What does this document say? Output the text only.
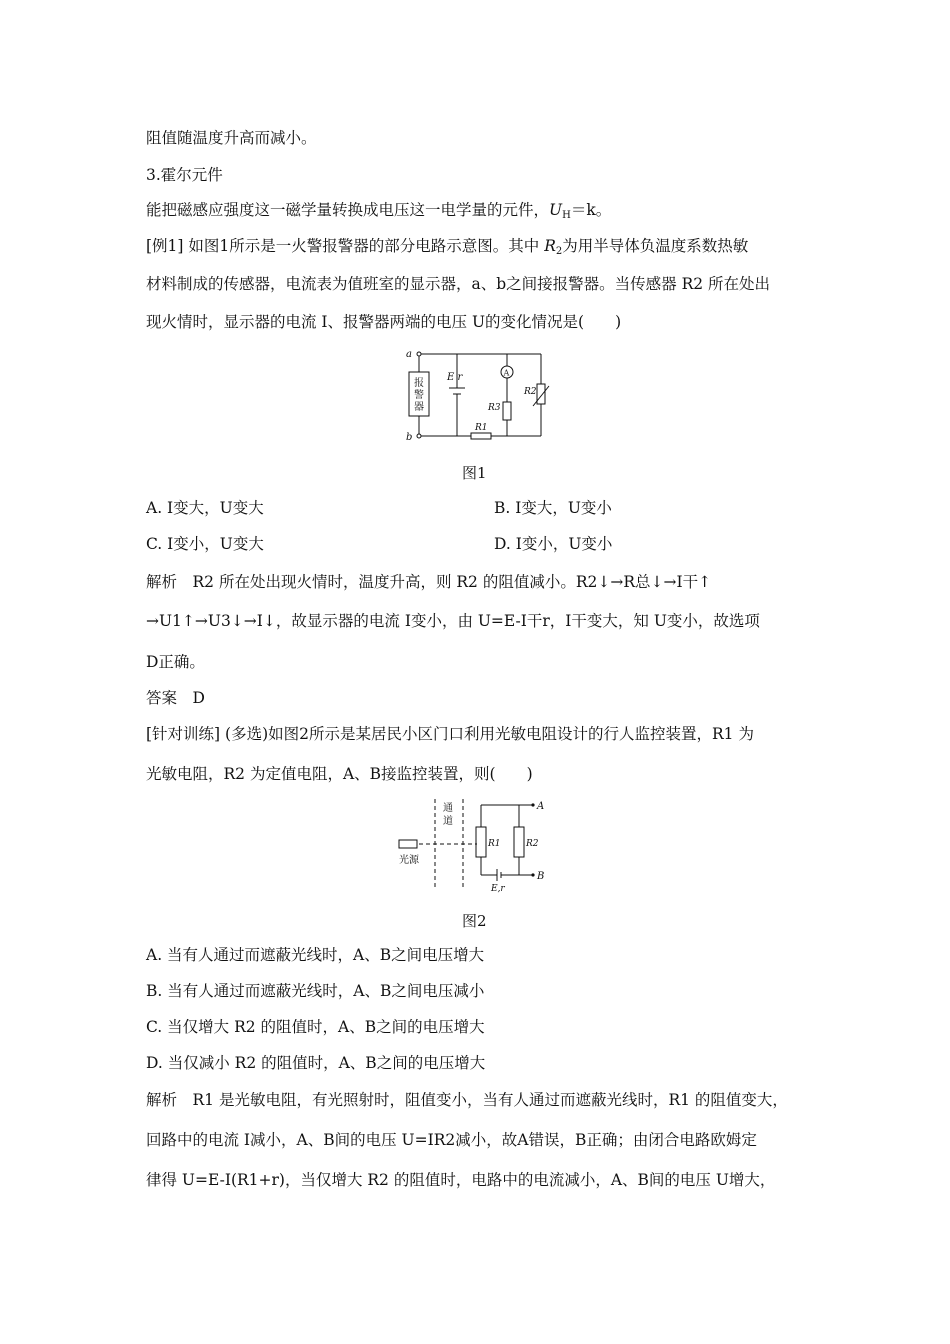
阻值随温度升高而减小。
3.霍尔元件
能把磁感应强度这一磁学量转换成电压这一电学量的元件，$U_H=k$。
[例1] 如图1所示是一火警报警器的部分电路示意图。其中 $R_2$为用半导体负温度系数热敏
材料制成的传感器，电流表为值班室的显示器，a、b之间接报警器。当传感器 R2 所在处出
现火情时，显示器的电流 I、报警器两端的电压 U的变化情况是(　　)
a
b
报
警
器
E r	A
R3
R1
R2
图1
A. I变大，U变大	B. I变大，U变小
C. I变小，U变大	D. I变小，U变小
解析　R2 所在处出现火情时，温度升高，则 R2 的阻值减小。R2↓→R总↓→I干↑
→U1↑→U3↓→I↓，故显示器的电流 I变小，由 U=E-I干r，I干变大，知 U变小，故选项
D正确。
答案　D
[针对训练] (多选)如图2所示是某居民小区门口利用光敏电阻设计的行人监控装置，R1 为
光敏电阻，R2 为定值电阻，A、B接监控装置，则(　　)
通
道
光源
A
B
R1	R2
E,r
图2
A. 当有人通过而遮蔽光线时，A、B之间电压增大
B. 当有人通过而遮蔽光线时，A、B之间电压减小
C. 当仅增大 R2 的阻值时，A、B之间的电压增大
D. 当仅减小 R2 的阻值时，A、B之间的电压增大
解析　R1 是光敏电阻，有光照射时，阻值变小，当有人通过而遮蔽光线时，R1 的阻值变大，
回路中的电流 I减小，A、B间的电压 U=IR2减小，故A错误，B正确；由闭合电路欧姆定
律得 U=E-I(R1+r)，当仅增大 R2 的阻值时，电路中的电流减小，A、B间的电压 U增大，
